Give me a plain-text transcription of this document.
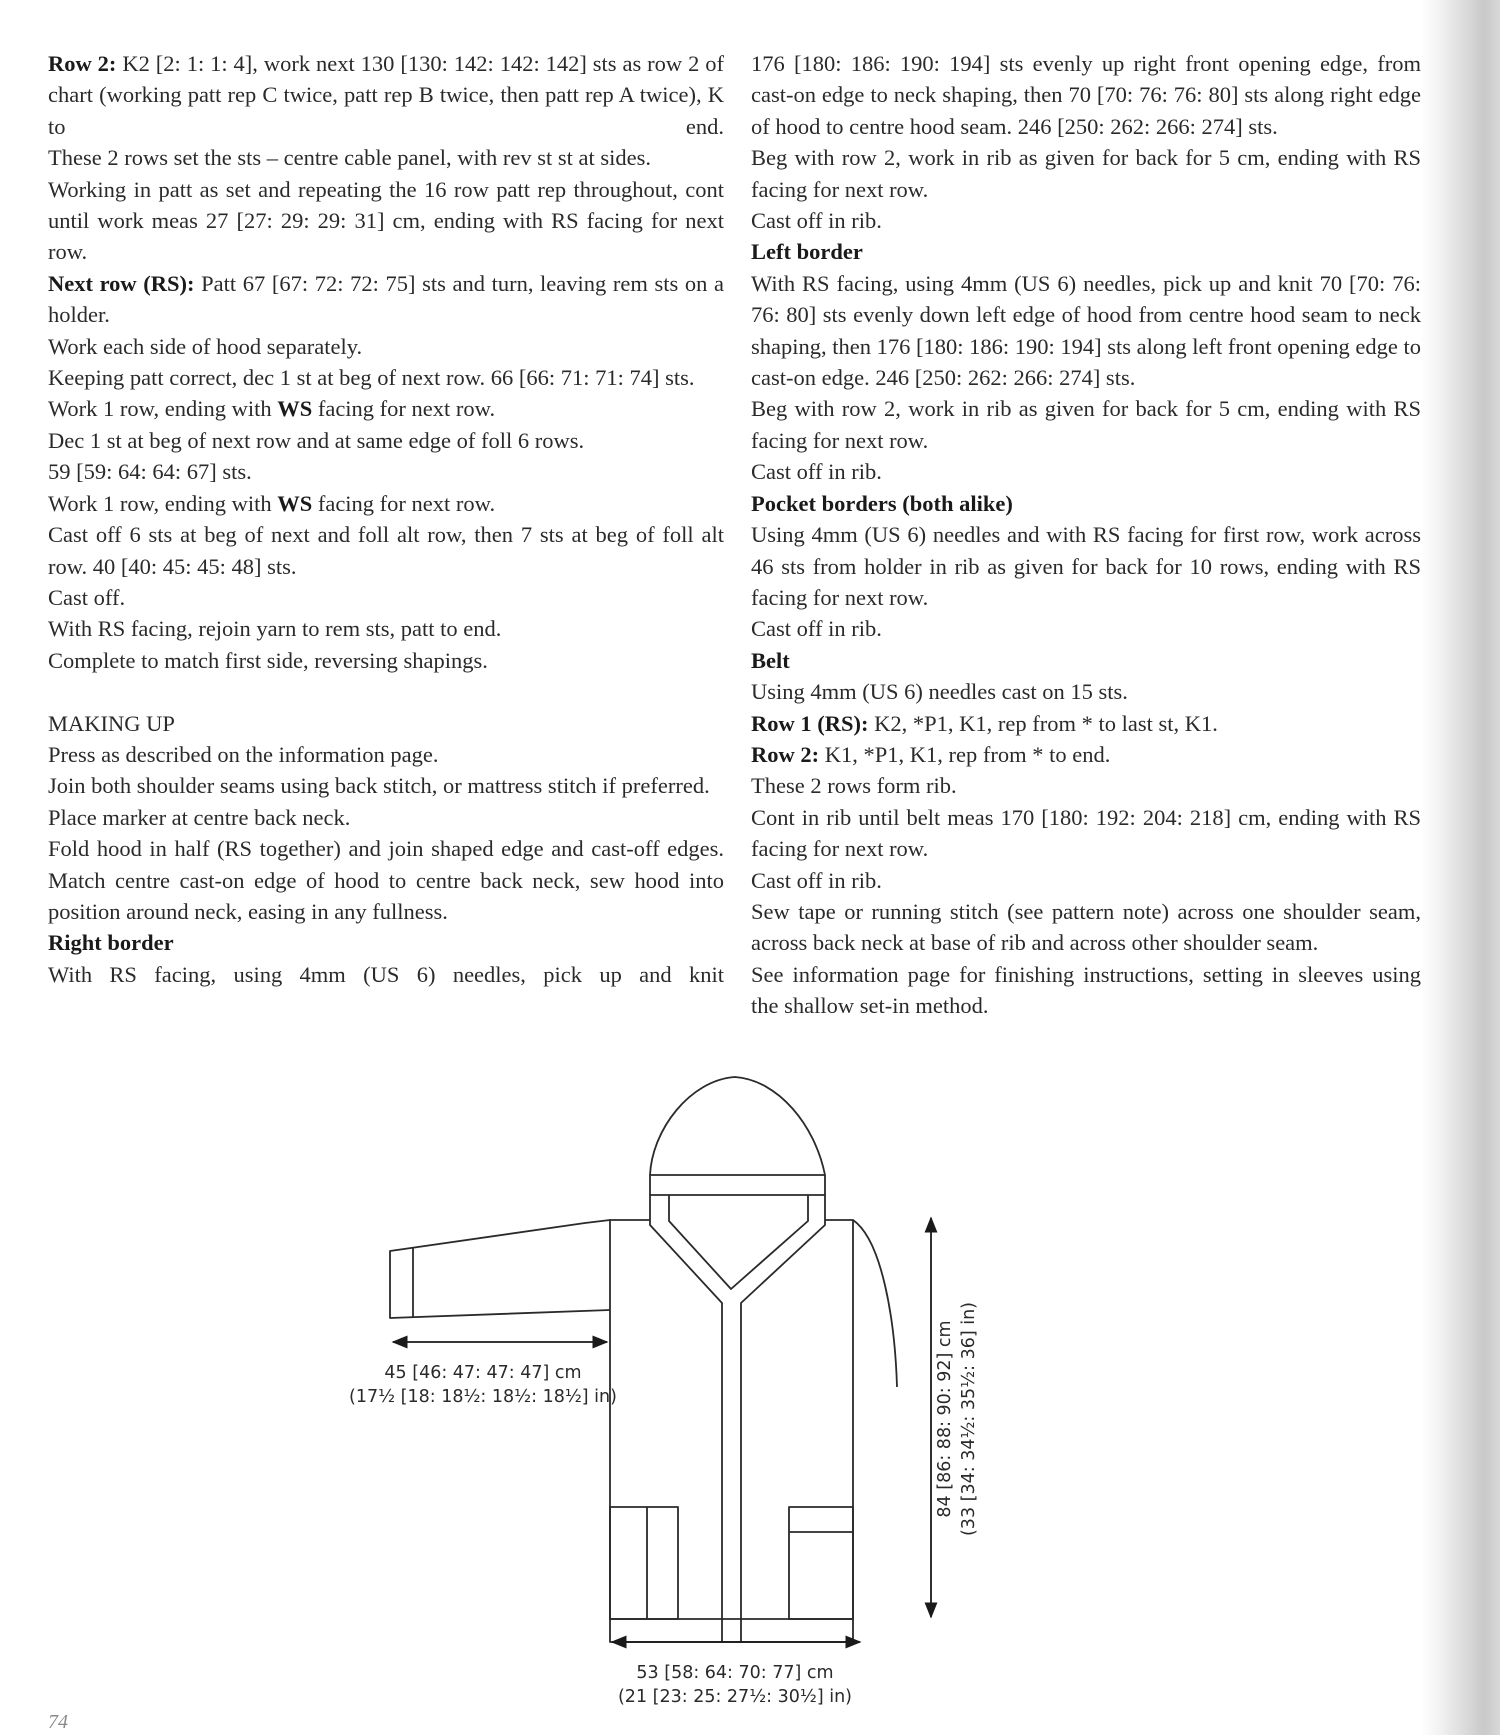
Row 2: K2 [2: 1: 1: 4], work next 130 [130: 142: 142: 142] sts as row 2 of chart (working patt rep C twice, patt rep B twice, then patt rep A twice), K to end.

These 2 rows set the sts – centre cable panel, with rev st st at sides.

Working in patt as set and repeating the 16 row patt rep throughout, cont until work meas 27 [27: 29: 29: 31] cm, ending with RS facing for next row.

Next row (RS): Patt 67 [67: 72: 72: 75] sts and turn, leaving rem sts on a holder.

Work each side of hood separately.

Keeping patt correct, dec 1 st at beg of next row. 66 [66: 71: 71: 74] sts.

Work 1 row, ending with WS facing for next row.

Dec 1 st at beg of next row and at same edge of foll 6 rows.

59 [59: 64: 64: 67] sts.

Work 1 row, ending with WS facing for next row.

Cast off 6 sts at beg of next and foll alt row, then 7 sts at beg of foll alt row. 40 [40: 45: 45: 48] sts.

Cast off.

With RS facing, rejoin yarn to rem sts, patt to end.

Complete to match first side, reversing shapings.

MAKING UP

Press as described on the information page.

Join both shoulder seams using back stitch, or mattress stitch if preferred.

Place marker at centre back neck.

Fold hood in half (RS together) and join shaped edge and cast-off edges. Match centre cast-on edge of hood to centre back neck, sew hood into position around neck, easing in any fullness.

Right border

With RS facing, using 4mm (US 6) needles, pick up and knit

176 [180: 186: 190: 194] sts evenly up right front opening edge, from cast-on edge to neck shaping, then 70 [70: 76: 76: 80] sts along right edge of hood to centre hood seam. 246 [250: 262: 266: 274] sts.

Beg with row 2, work in rib as given for back for 5 cm, ending with RS facing for next row.

Cast off in rib.

Left border

With RS facing, using 4mm (US 6) needles, pick up and knit 70 [70: 76: 76: 80] sts evenly down left edge of hood from centre hood seam to neck shaping, then 176 [180: 186: 190: 194] sts along left front opening edge to cast-on edge. 246 [250: 262: 266: 274] sts.

Beg with row 2, work in rib as given for back for 5 cm, ending with RS facing for next row.

Cast off in rib.

Pocket borders (both alike)

Using 4mm (US 6) needles and with RS facing for first row, work across 46 sts from holder in rib as given for back for 10 rows, ending with RS facing for next row.

Cast off in rib.

Belt

Using 4mm (US 6) needles cast on 15 sts.

Row 1 (RS): K2, *P1, K1, rep from * to last st, K1.

Row 2: K1, *P1, K1, rep from * to end.

These 2 rows form rib.

Cont in rib until belt meas 170 [180: 192: 204: 218] cm, ending with RS facing for next row.

Cast off in rib.

Sew tape or running stitch (see pattern note) across one shoulder seam, across back neck at base of rib and across other shoulder seam.

See information page for finishing instructions, setting in sleeves using the shallow set-in method.

45 [46: 47: 47: 47] cm
(17½ [18: 18½: 18½: 18½] in)	84 [86: 88: 90: 92] cm (33 [34: 34½: 35½: 36] in)
53 [58: 64: 70: 77] cm
(21 [23: 25: 27½: 30½] in)
74
